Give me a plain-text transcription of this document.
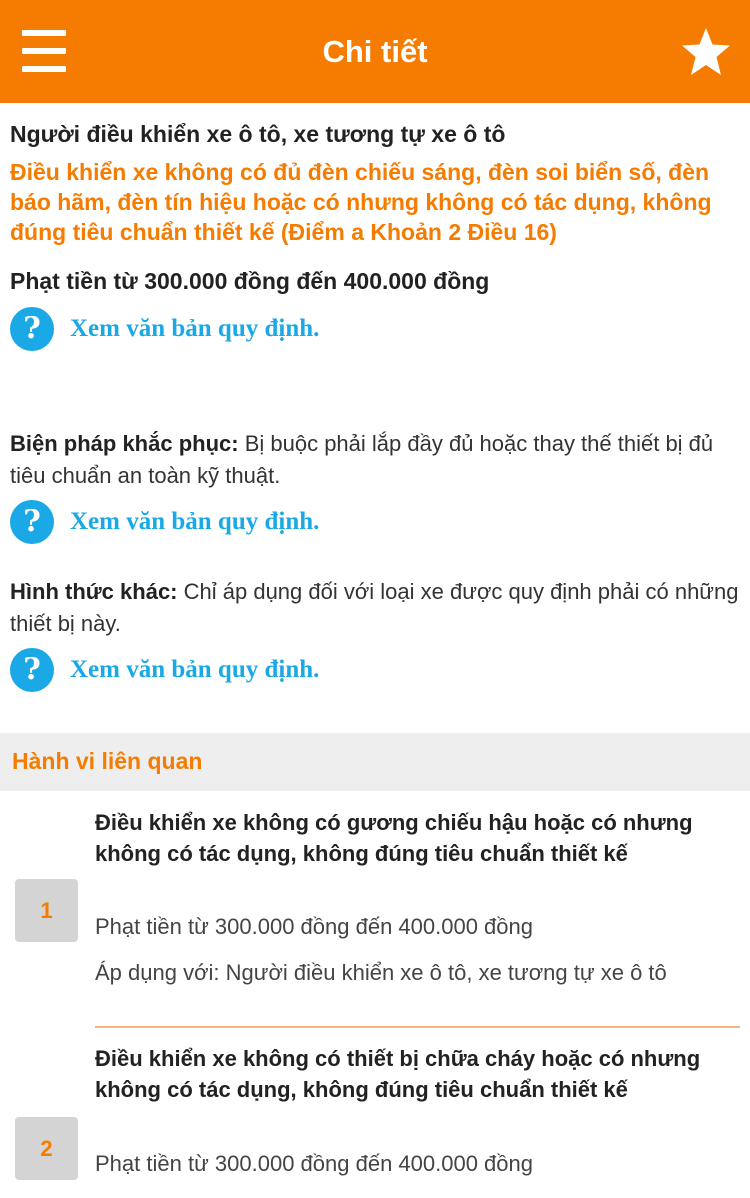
Chi tiết
Người điều khiển xe ô tô, xe tương tự xe ô tô
Điều khiển xe không có đủ đèn chiếu sáng, đèn soi biển số, đèn báo hãm, đèn tín hiệu hoặc có nhưng không có tác dụng, không đúng tiêu chuẩn thiết kế (Điểm a Khoản 2 Điều 16)
Phạt tiền từ 300.000 đồng đến 400.000 đồng
?	Xem văn bản quy định.
Biện pháp khắc phục: Bị buộc phải lắp đầy đủ hoặc thay thế thiết bị đủ tiêu chuẩn an toàn kỹ thuật.
?	Xem văn bản quy định.
Hình thức khác: Chỉ áp dụng đối với loại xe được quy định phải có những thiết bị này.
?	Xem văn bản quy định.
Hành vi liên quan
1
Điều khiển xe không có gương chiếu hậu hoặc có nhưng không có tác dụng, không đúng tiêu chuẩn thiết kế
Phạt tiền từ 300.000 đồng đến 400.000 đồng
Áp dụng với: Người điều khiển xe ô tô, xe tương tự xe ô tô
2
Điều khiển xe không có thiết bị chữa cháy hoặc có nhưng không có tác dụng, không đúng tiêu chuẩn thiết kế
Phạt tiền từ 300.000 đồng đến 400.000 đồng
